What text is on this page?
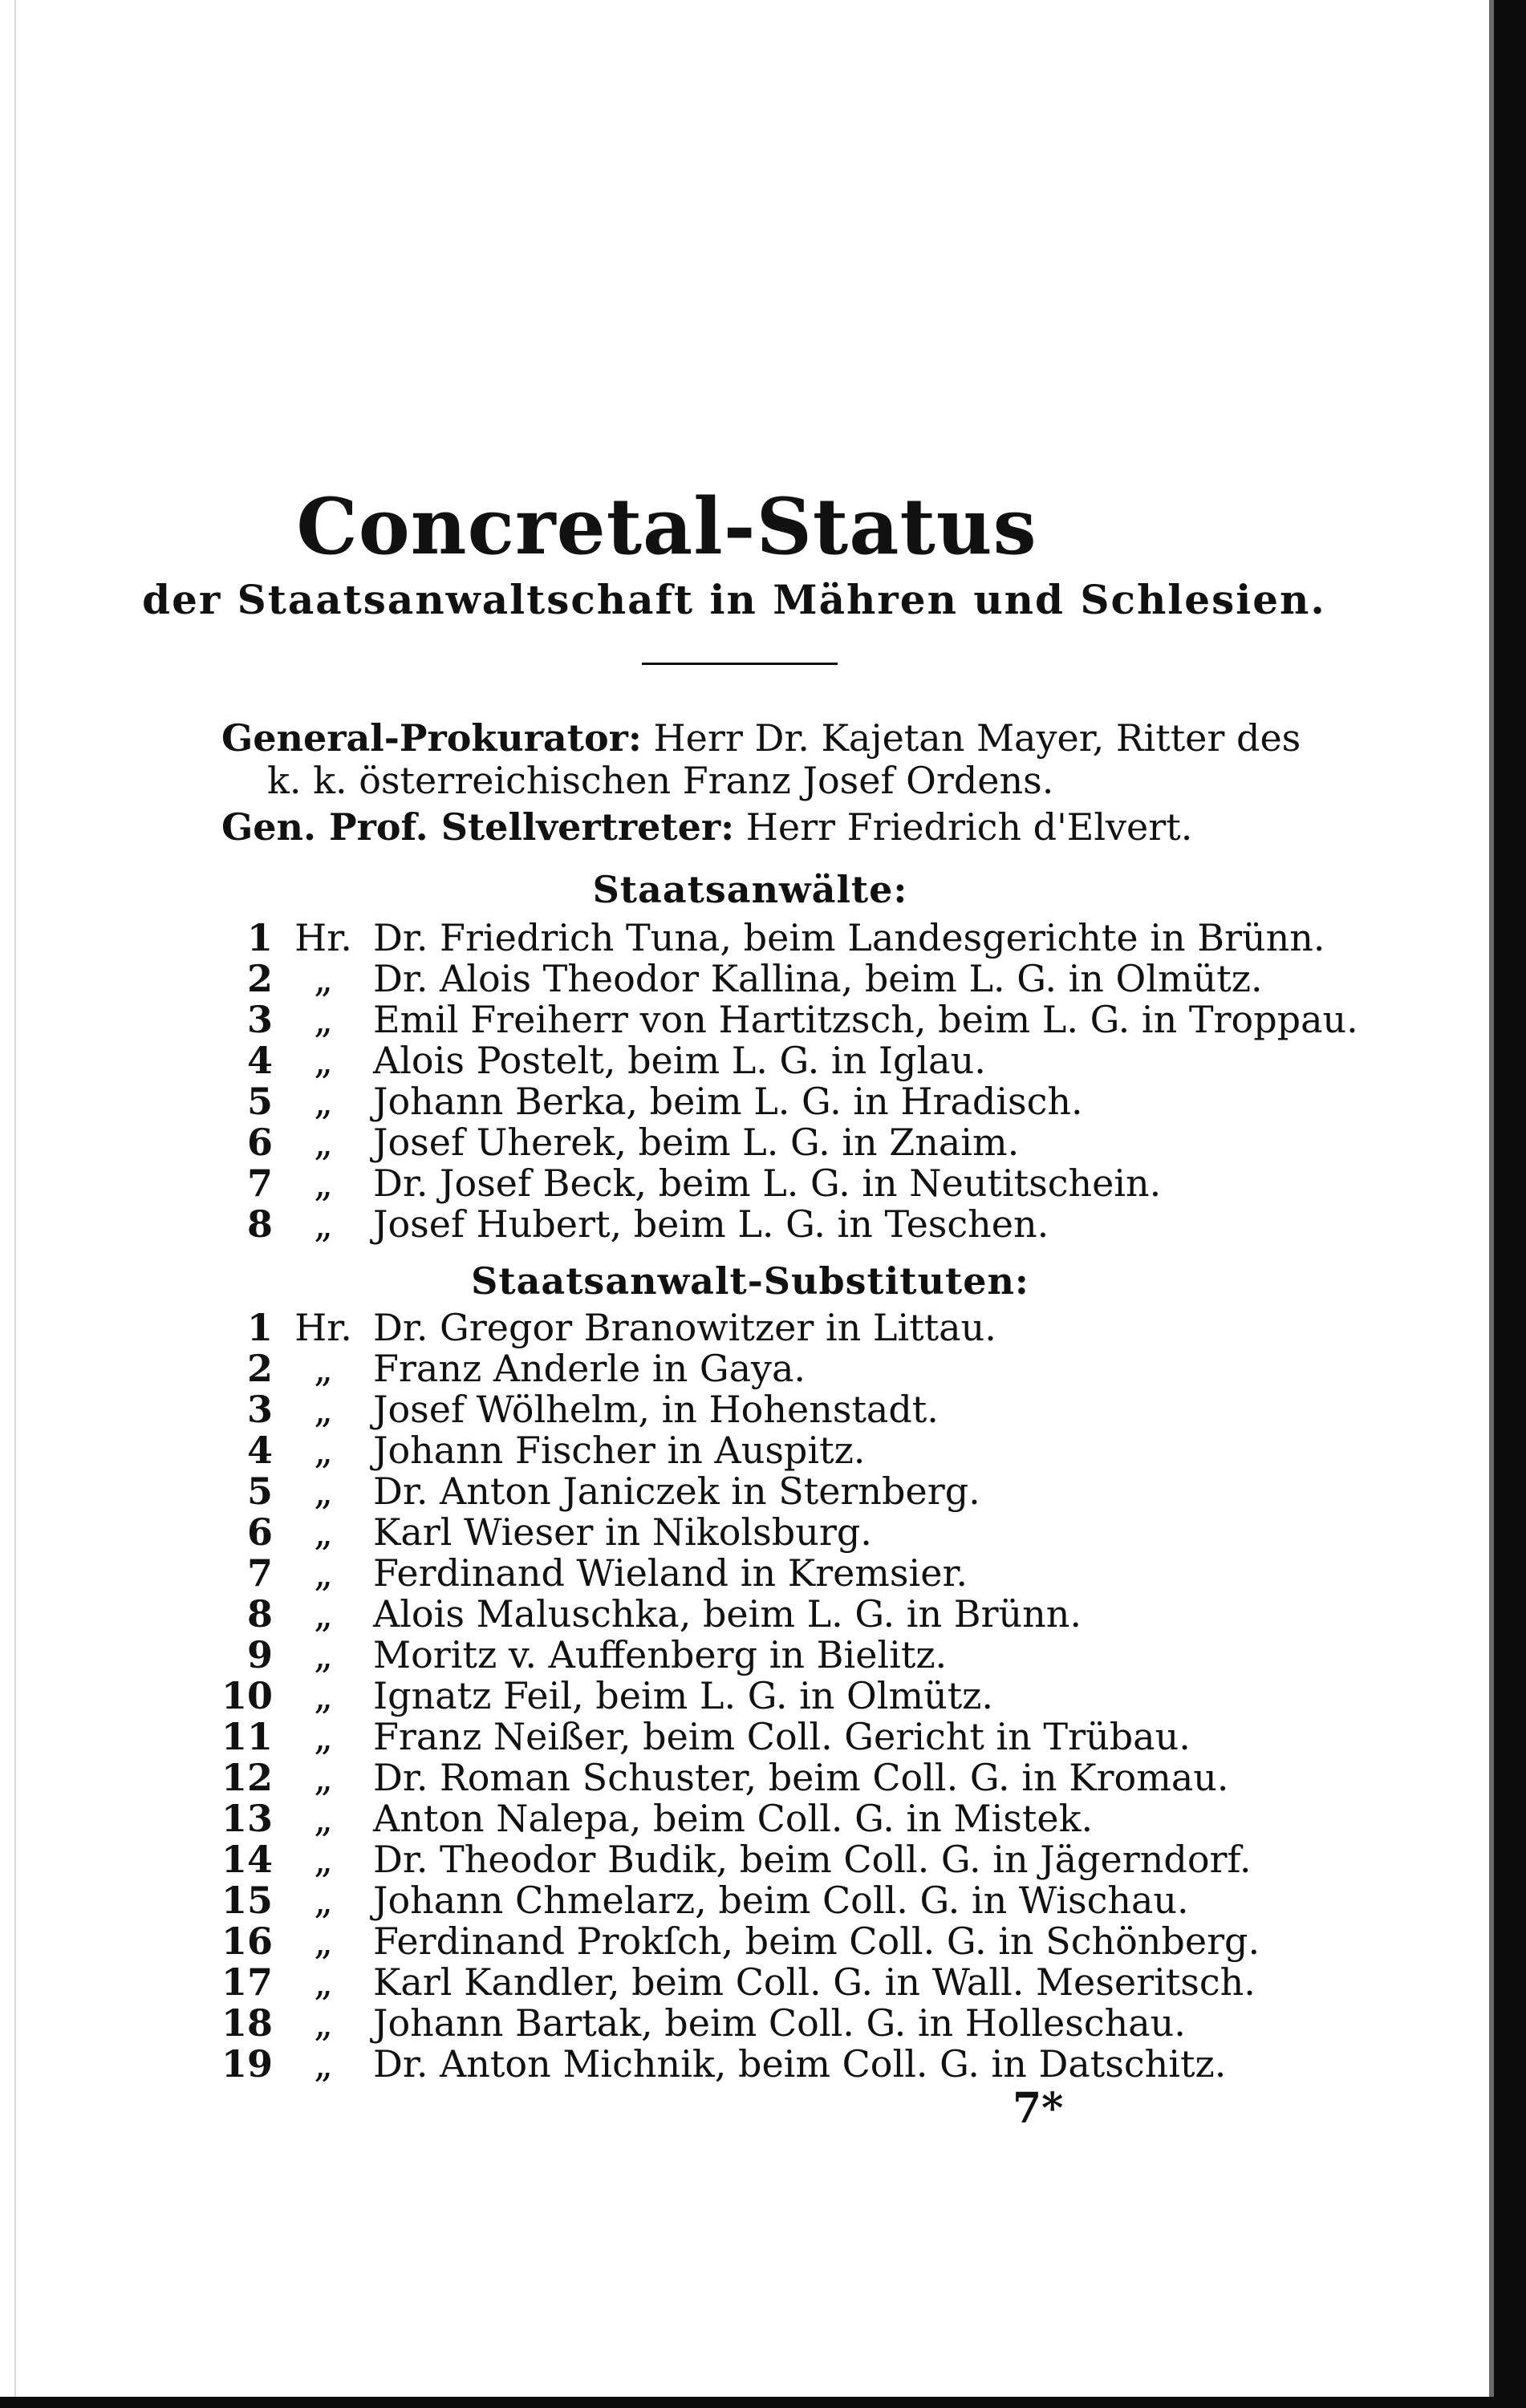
Concretal-Status
der Staatsanwaltschaft in Mähren und Schlesien.
General-Prokurator: Herr Dr. Kajetan Mayer, Ritter des
k. k. österreichischen Franz Josef Ordens.
Gen. Prof. Stellvertreter: Herr Friedrich d'Elvert.
Staatsanwälte:
1 Hr. Dr. Friedrich Tuna, beim Landesgerichte in Brünn.
2	„	Dr. Alois Theodor Kallina, beim L. G. in Olmütz.
3	„	Emil Freiherr von Hartitzsch, beim L. G. in Troppau.
4	„	Alois Postelt, beim L. G. in Iglau.
5	„	Johann Berka, beim L. G. in Hradisch.
6	„	Josef Uherek, beim L. G. in Znaim.
7	„	Dr. Josef Beck, beim L. G. in Neutitschein.
8	„	Josef Hubert, beim L. G. in Teschen.
Staatsanwalt-Substituten:
1 Hr. Dr. Gregor Branowitzer in Littau.
2	„	Franz Anderle in Gaya.
3	„	Josef Wölhelm, in Hohenstadt.
4	„	Johann Fischer in Auspitz.
5	„	Dr. Anton Janiczek in Sternberg.
6	„	Karl Wieser in Nikolsburg.
7	„	Ferdinand Wieland in Kremsier.
8	„	Alois Maluschka, beim L. G. in Brünn.
9	„	Moritz v. Auffenberg in Bielitz.
10	„	Ignatz Feil, beim L. G. in Olmütz.
11	„	Franz Neißer, beim Coll. Gericht in Trübau.
12	„	Dr. Roman Schuster, beim Coll. G. in Kromau.
13	„	Anton Nalepa, beim Coll. G. in Mistek.
14	„	Dr. Theodor Budik, beim Coll. G. in Jägerndorf.
15	„	Johann Chmelarz, beim Coll. G. in Wischau.
16	„	Ferdinand Prokſch, beim Coll. G. in Schönberg.
17	„	Karl Kandler, beim Coll. G. in Wall. Meseritsch.
18	„	Johann Bartak, beim Coll. G. in Holleschau.
19	„	Dr. Anton Michnik, beim Coll. G. in Datschitz.
7*
